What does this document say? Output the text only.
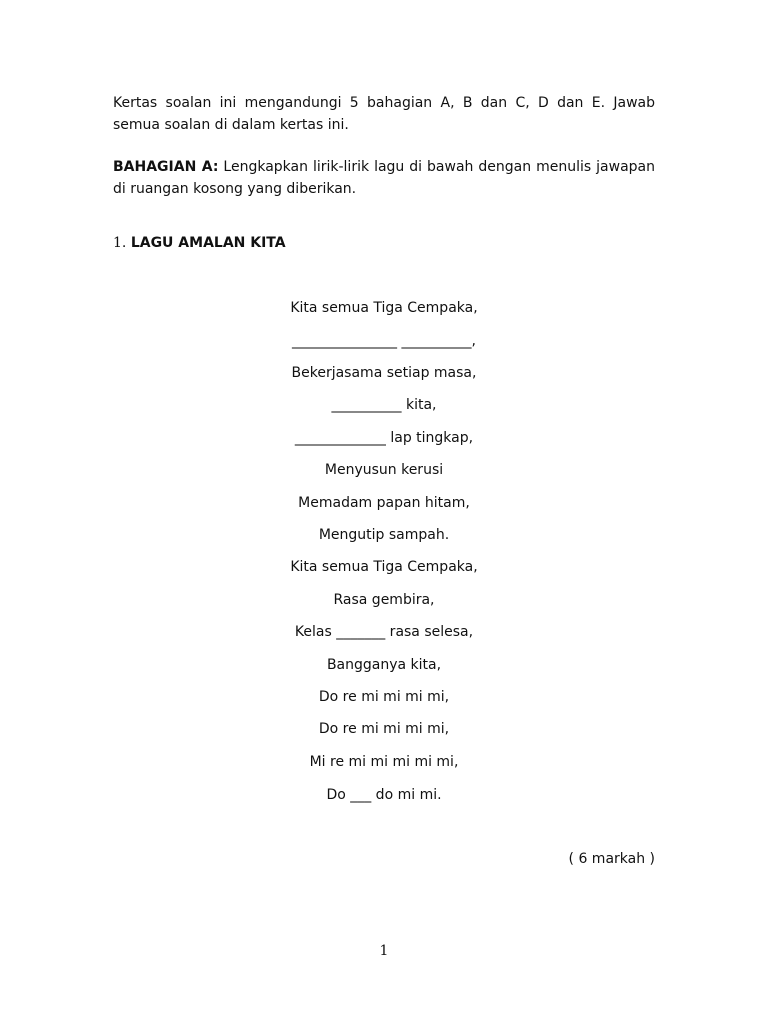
Kertas soalan ini mengandungi 5 bahagian A, B dan C, D dan E. Jawab semua soalan di dalam kertas ini.
BAHAGIAN A: Lengkapkan lirik-lirik lagu di bawah dengan menulis jawapan di ruangan kosong yang diberikan.
1. LAGU AMALAN KITA
Kita semua Tiga Cempaka,
_______________ __________,
Bekerjasama setiap masa,
__________ kita,
_____________ lap tingkap,
Menyusun kerusi
Memadam papan hitam,
Mengutip sampah.
Kita semua Tiga Cempaka,
Rasa gembira,
Kelas _______ rasa selesa,
Bangganya kita,
Do re mi mi mi mi,
Do re mi mi mi mi,
Mi re mi mi mi mi mi,
Do ___ do mi mi.
( 6 markah )
1
